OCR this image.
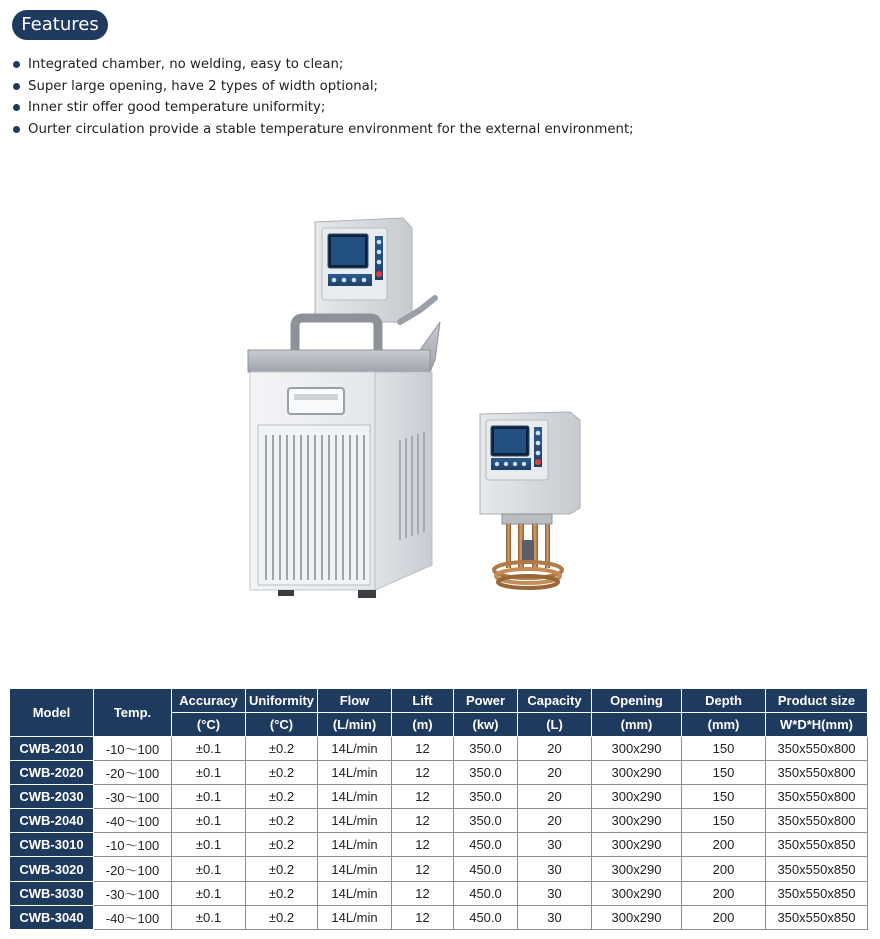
Features
Integrated chamber, no welding, easy to clean;
Super large opening, have 2 types of width optional;
Inner stir offer good temperature uniformity;
Ourter circulation provide a stable temperature environment for the external environment;
Model	Temp.	Accuracy	Uniformity	Flow	Lift	Power	Capacity	Opening	Depth	Product size
		(°C)	(°C)	(L/min)	(m)	(kw)	(L)	(mm)	(mm)	W*D*H(mm)
CWB-2010	-10～100	±0.1	±0.2	14L/min	12	350.0	20	300x290	150	350x550x800
CWB-2020	-20～100	±0.1	±0.2	14L/min	12	350.0	20	300x290	150	350x550x800
CWB-2030	-30～100	±0.1	±0.2	14L/min	12	350.0	20	300x290	150	350x550x800
CWB-2040	-40～100	±0.1	±0.2	14L/min	12	350.0	20	300x290	150	350x550x800
CWB-3010	-10～100	±0.1	±0.2	14L/min	12	450.0	30	300x290	200	350x550x850
CWB-3020	-20～100	±0.1	±0.2	14L/min	12	450.0	30	300x290	200	350x550x850
CWB-3030	-30～100	±0.1	±0.2	14L/min	12	450.0	30	300x290	200	350x550x850
CWB-3040	-40～100	±0.1	±0.2	14L/min	12	450.0	30	300x290	200	350x550x850
